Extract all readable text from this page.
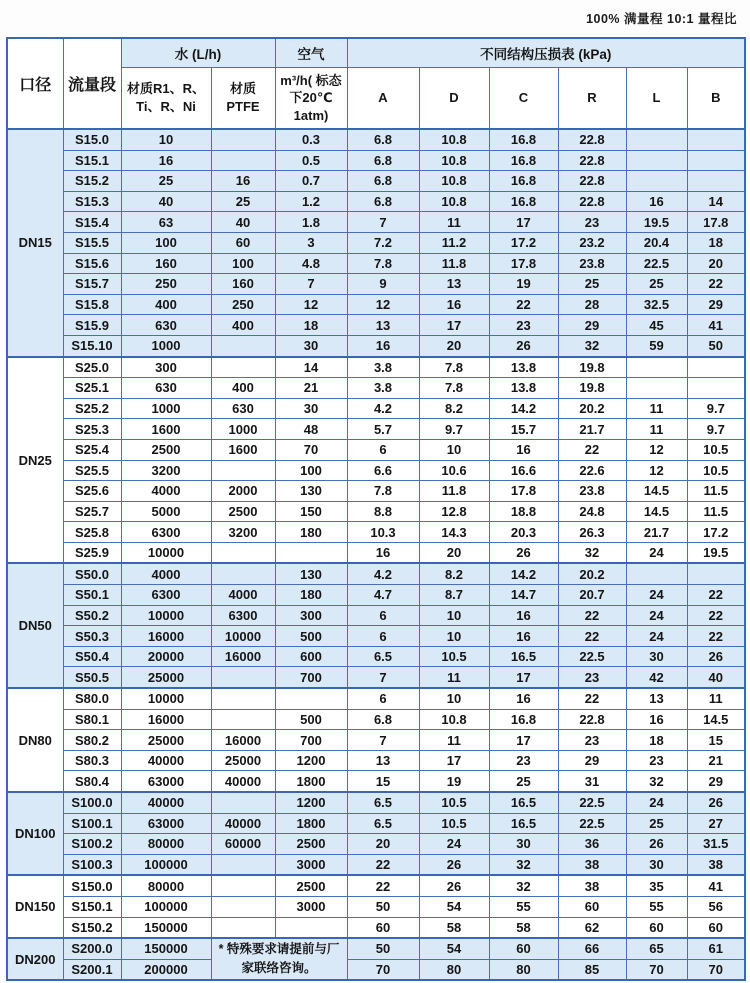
100% 满量程 10:1 量程比
口径	流量段	水 (L/h)		空气	不同结构压损表 (kPa)					
		材质R1、R、Ti、R、Ni	材质 PTFE	m³/h( 标态下20℃ 1atm)	A	D	C	R	L	B
DN15	S15.0	10		0.3	6.8	10.8	16.8	22.8		
	S15.1	16		0.5	6.8	10.8	16.8	22.8		
	S15.2	25	16	0.7	6.8	10.8	16.8	22.8		
	S15.3	40	25	1.2	6.8	10.8	16.8	22.8	16	14
	S15.4	63	40	1.8	7	11	17	23	19.5	17.8
	S15.5	100	60	3	7.2	11.2	17.2	23.2	20.4	18
	S15.6	160	100	4.8	7.8	11.8	17.8	23.8	22.5	20
	S15.7	250	160	7	9	13	19	25	25	22
	S15.8	400	250	12	12	16	22	28	32.5	29
	S15.9	630	400	18	13	17	23	29	45	41
	S15.10	1000		30	16	20	26	32	59	50
DN25	S25.0	300		14	3.8	7.8	13.8	19.8		
	S25.1	630	400	21	3.8	7.8	13.8	19.8		
	S25.2	1000	630	30	4.2	8.2	14.2	20.2	11	9.7
	S25.3	1600	1000	48	5.7	9.7	15.7	21.7	11	9.7
	S25.4	2500	1600	70	6	10	16	22	12	10.5
	S25.5	3200		100	6.6	10.6	16.6	22.6	12	10.5
	S25.6	4000	2000	130	7.8	11.8	17.8	23.8	14.5	11.5
	S25.7	5000	2500	150	8.8	12.8	18.8	24.8	14.5	11.5
	S25.8	6300	3200	180	10.3	14.3	20.3	26.3	21.7	17.2
	S25.9	10000			16	20	26	32	24	19.5
DN50	S50.0	4000		130	4.2	8.2	14.2	20.2		
	S50.1	6300	4000	180	4.7	8.7	14.7	20.7	24	22
	S50.2	10000	6300	300	6	10	16	22	24	22
	S50.3	16000	10000	500	6	10	16	22	24	22
	S50.4	20000	16000	600	6.5	10.5	16.5	22.5	30	26
	S50.5	25000		700	7	11	17	23	42	40
DN80	S80.0	10000			6	10	16	22	13	11
	S80.1	16000		500	6.8	10.8	16.8	22.8	16	14.5
	S80.2	25000	16000	700	7	11	17	23	18	15
	S80.3	40000	25000	1200	13	17	23	29	23	21
	S80.4	63000	40000	1800	15	19	25	31	32	29
DN100	S100.0	40000		1200	6.5	10.5	16.5	22.5	24	26
	S100.1	63000	40000	1800	6.5	10.5	16.5	22.5	25	27
	S100.2	80000	60000	2500	20	24	30	36	26	31.5
	S100.3	100000		3000	22	26	32	38	30	38
DN150	S150.0	80000		2500	22	26	32	38	35	41
	S150.1	100000		3000	50	54	55	60	55	56
	S150.2	150000			60	58	58	62	60	60
DN200	S200.0	150000	* 特殊要求请提前与厂家联络咨询。		50	54	60	66	65	61
	S200.1	200000			70	80	80	85	70	70
